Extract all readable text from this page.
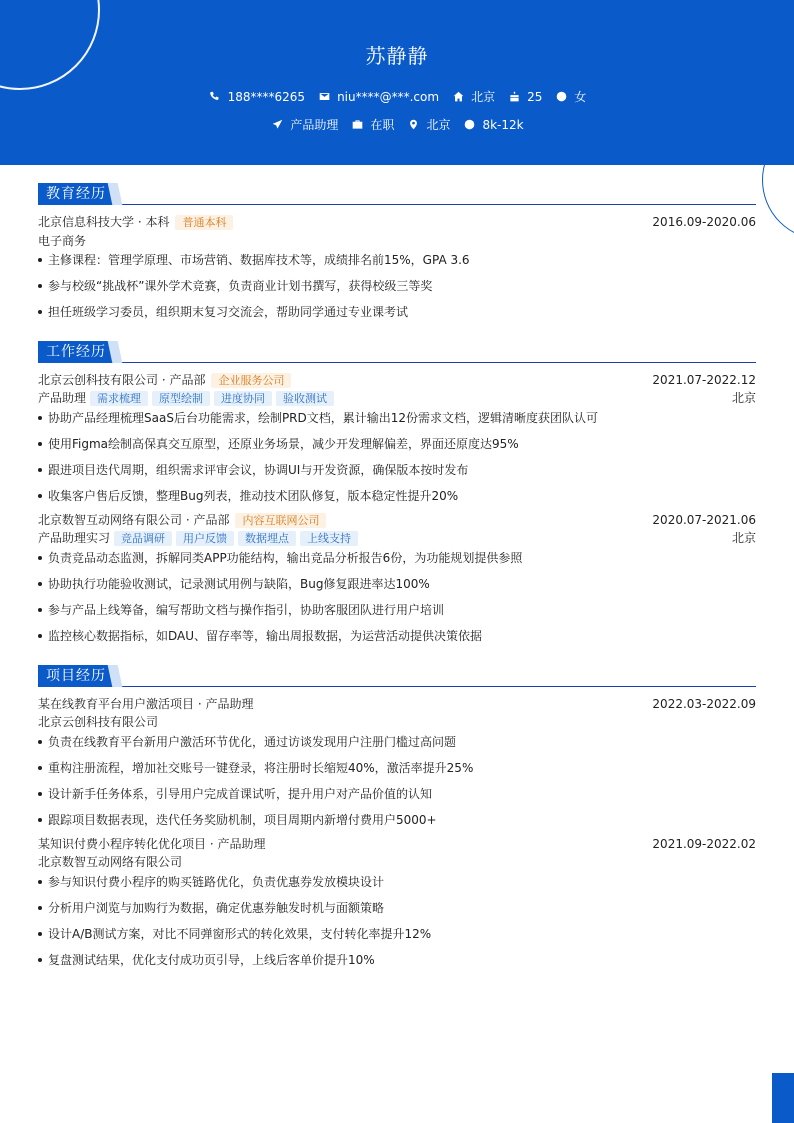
苏静静
188****6265	niu****@***.com	北京	25	女
产品助理	在职	北京	8k-12k
教育经历
北京信息科技大学 · 本科 普通本科	2016.09-2020.06
电子商务
主修课程：管理学原理、市场营销、数据库技术等，成绩排名前15%，GPA 3.6
参与校级“挑战杯”课外学术竞赛，负责商业计划书撰写，获得校级三等奖
担任班级学习委员，组织期末复习交流会，帮助同学通过专业课考试
工作经历
北京云创科技有限公司 · 产品部 企业服务公司	2021.07-2022.12
产品助理 需求梳理 原型绘制 进度协同 验收测试	北京
协助产品经理梳理SaaS后台功能需求，绘制PRD文档，累计输出12份需求文档，逻辑清晰度获团队认可
使用Figma绘制高保真交互原型，还原业务场景，减少开发理解偏差，界面还原度达95%
跟进项目迭代周期，组织需求评审会议，协调UI与开发资源，确保版本按时发布
收集客户售后反馈，整理Bug列表，推动技术团队修复，版本稳定性提升20%
北京数智互动网络有限公司 · 产品部 内容互联网公司	2020.07-2021.06
产品助理实习 竞品调研 用户反馈 数据埋点 上线支持	北京
负责竞品动态监测，拆解同类APP功能结构，输出竞品分析报告6份，为功能规划提供参照
协助执行功能验收测试，记录测试用例与缺陷，Bug修复跟进率达100%
参与产品上线筹备，编写帮助文档与操作指引，协助客服团队进行用户培训
监控核心数据指标，如DAU、留存率等，输出周报数据，为运营活动提供决策依据
项目经历
某在线教育平台用户激活项目 · 产品助理	2022.03-2022.09
北京云创科技有限公司
负责在线教育平台新用户激活环节优化，通过访谈发现用户注册门槛过高问题
重构注册流程，增加社交账号一键登录，将注册时长缩短40%，激活率提升25%
设计新手任务体系，引导用户完成首课试听，提升用户对产品价值的认知
跟踪项目数据表现，迭代任务奖励机制，项目周期内新增付费用户5000+
某知识付费小程序转化优化项目 · 产品助理	2021.09-2022.02
北京数智互动网络有限公司
参与知识付费小程序的购买链路优化，负责优惠券发放模块设计
分析用户浏览与加购行为数据，确定优惠券触发时机与面额策略
设计A/B测试方案，对比不同弹窗形式的转化效果，支付转化率提升12%
复盘测试结果，优化支付成功页引导，上线后客单价提升10%
